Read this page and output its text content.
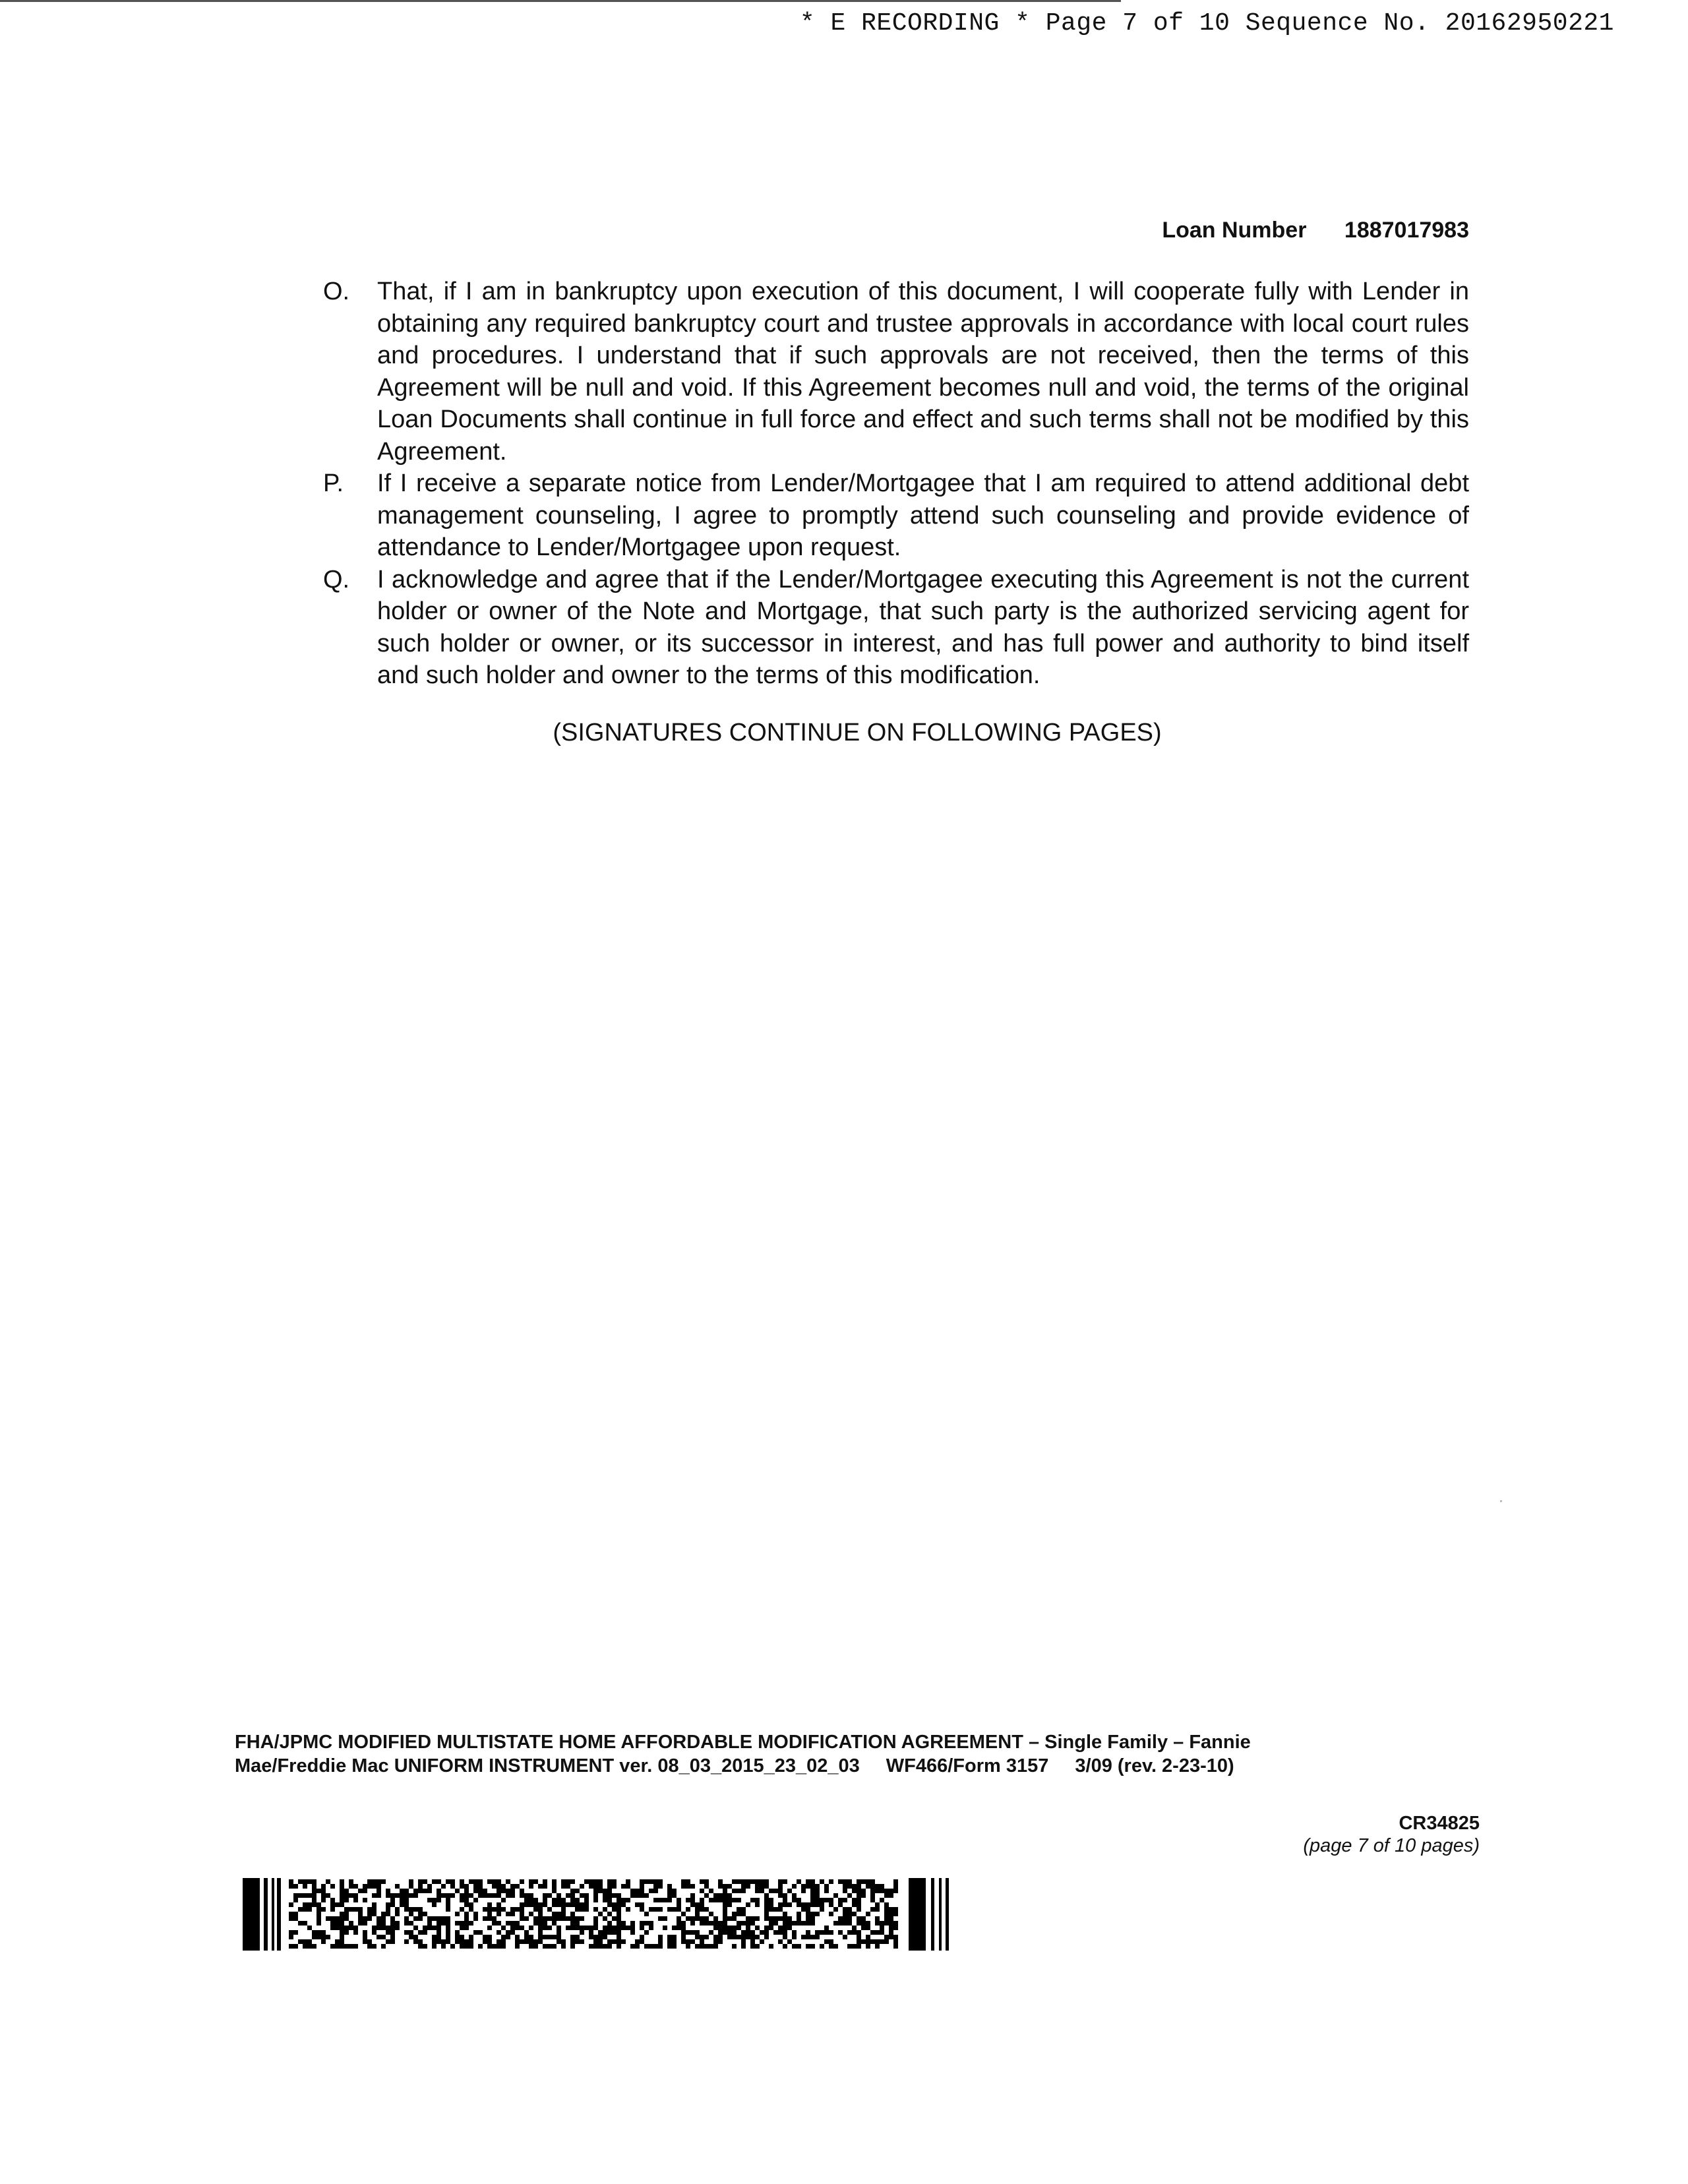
* E RECORDING * Page 7 of 10 Sequence No. 20162950221
Loan Number 1887017983
O.	That, if I am in bankruptcy upon execution of this document, I will cooperate fully with Lender in obtaining any required bankruptcy court and trustee approvals in accordance with local court rules and procedures. I understand that if such approvals are not received, then the terms of this Agreement will be null and void. If this Agreement becomes null and void, the terms of the original Loan Documents shall continue in full force and effect and such terms shall not be modified by this Agreement.
P.	If I receive a separate notice from Lender/Mortgagee that I am required to attend additional debt management counseling, I agree to promptly attend such counseling and provide evidence of attendance to Lender/Mortgagee upon request.
Q.	I acknowledge and agree that if the Lender/Mortgagee executing this Agreement is not the current holder or owner of the Note and Mortgage, that such party is the authorized servicing agent for such holder or owner, or its successor in interest, and has full power and authority to bind itself and such holder and owner to the terms of this modification.
(SIGNATURES CONTINUE ON FOLLOWING PAGES)
FHA/JPMC MODIFIED MULTISTATE HOME AFFORDABLE MODIFICATION AGREEMENT – Single Family – Fannie
Mae/Freddie Mac UNIFORM INSTRUMENT ver. 08_03_2015_23_02_03 WF466/Form 3157 3/09 (rev. 2-23-10)
CR34825
(page 7 of 10 pages)
